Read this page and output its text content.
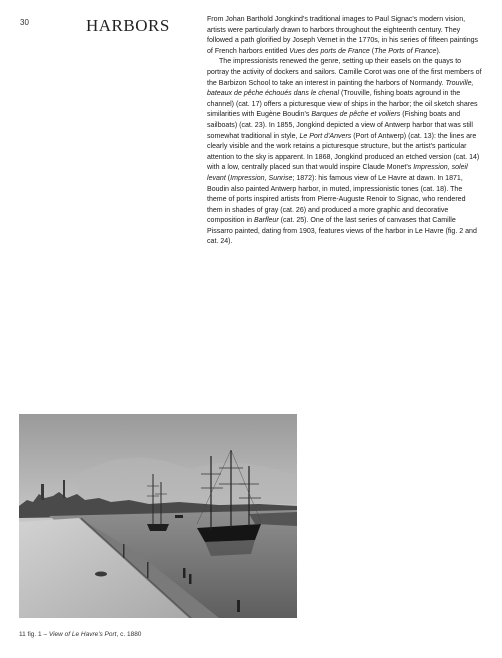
30	HARBORS	From Johan Barthold Jongkind's traditional images to Paul Signac's modern vision, artists were particularly drawn to harbors throughout the eighteenth century. They followed a path glorified by Joseph Vernet in the 1770s, in his series of fifteen paintings of French harbors entitled Vues des ports de France (The Ports of France).

The impressionists renewed the genre, setting up their easels on the quays to portray the activity of dockers and sailors. Camille Corot was one of the first members of the Barbizon School to take an interest in painting the harbors of Normandy. Trouville, bateaux de pêche échoués dans le chenal (Trouville, fishing boats aground in the channel) (cat. 17) offers a picturesque view of ships in the harbor; the oil sketch shares similarities with Eugène Boudin's Barques de pêche et voiliers (Fishing boats and sailboats) (cat. 23). In 1855, Jongkind depicted a view of Antwerp harbor that was still somewhat traditional in style, Le Port d'Anvers (Port of Antwerp) (cat. 13): the lines are clearly visible and the work retains a picturesque structure, but the artist's particular attention to the sky is apparent. In 1868, Jongkind produced an etched version (cat. 14) with a low, centrally placed sun that would inspire Claude Monet's Impression, soleil levant (Impression, Sunrise; 1872): his famous view of Le Havre at dawn. In 1871, Boudin also painted Antwerp harbor, in muted, impressionistic tones (cat. 18). The theme of ports inspired artists from Pierre-Auguste Renoir to Signac, who rendered them in shades of gray (cat. 26) and produced a more graphic and decorative composition in Barfleur (cat. 25). One of the last series of canvases that Camille Pissarro painted, dating from 1903, features views of the harbor in Le Havre (fig. 2 and cat. 24).

11 fig. 1 – View of Le Havre's Port, c. 1880
